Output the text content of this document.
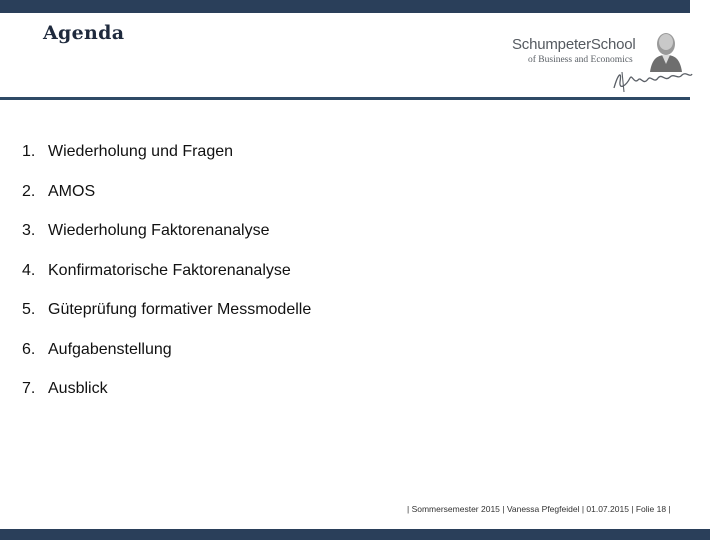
Agenda
SchumpeterSchool
of Business and Economics
1. Wiederholung und Fragen
2. AMOS
3. Wiederholung Faktorenanalyse
4. Konfirmatorische Faktorenanalyse
5. Güteprüfung formativer Messmodelle
6. Aufgabenstellung
7. Ausblick
| Sommersemester 2015 | Vanessa Pfegfeidel | 01.07.2015 | Folie 18 |
